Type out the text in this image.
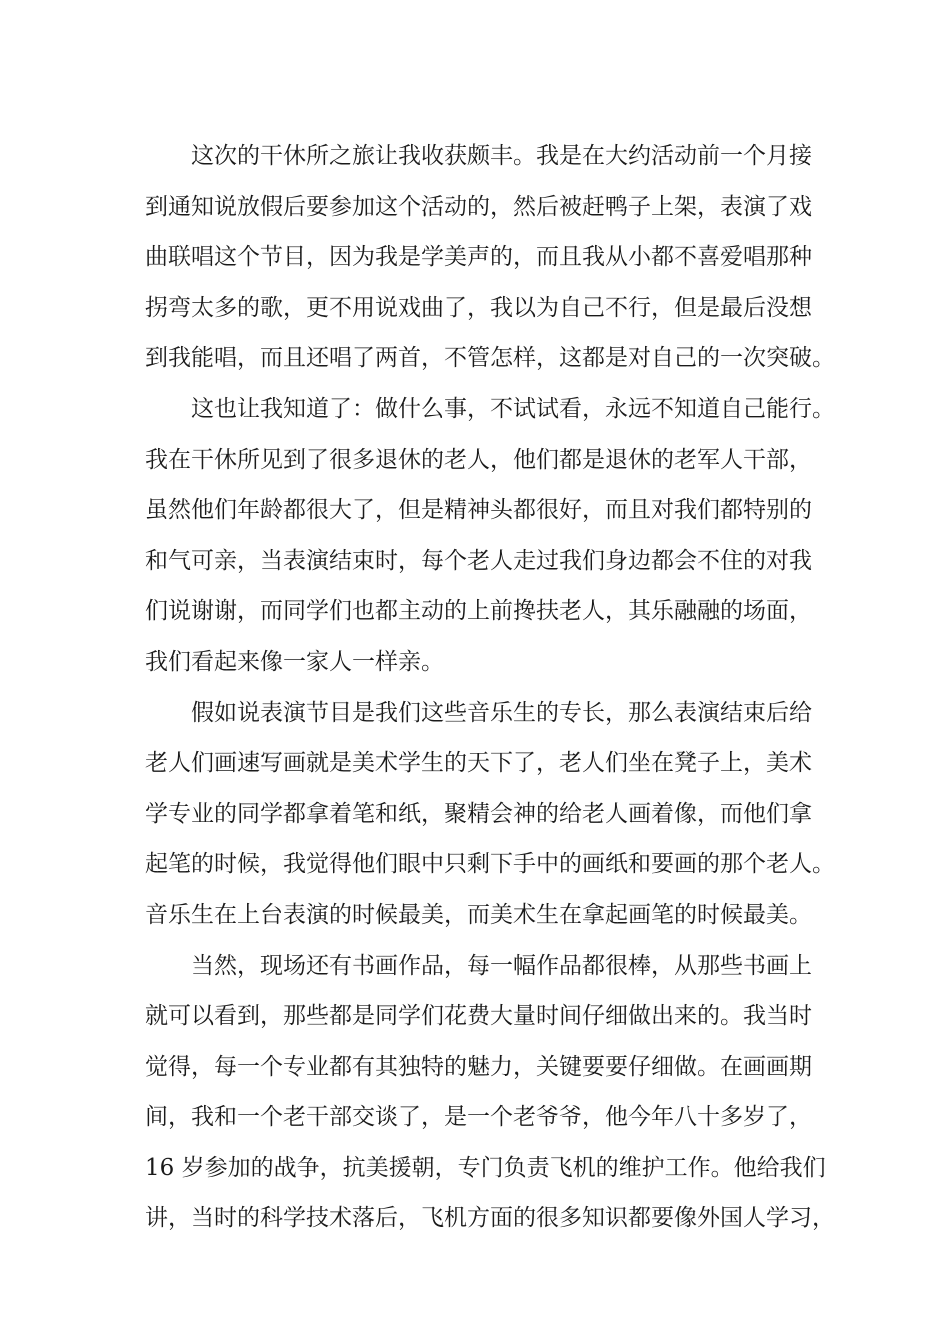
这次的干休所之旅让我收获颇丰。我是在大约活动前一个月接
到通知说放假后要参加这个活动的，然后被赶鸭子上架，表演了戏
曲联唱这个节目，因为我是学美声的，而且我从小都不喜爱唱那种
拐弯太多的歌，更不用说戏曲了，我以为自己不行，但是最后没想
到我能唱，而且还唱了两首，不管怎样，这都是对自己的一次突破。
这也让我知道了：做什么事，不试试看，永远不知道自己能行。
我在干休所见到了很多退休的老人，他们都是退休的老军人干部，
虽然他们年龄都很大了，但是精神头都很好，而且对我们都特别的
和气可亲，当表演结束时，每个老人走过我们身边都会不住的对我
们说谢谢，而同学们也都主动的上前搀扶老人，其乐融融的场面，
我们看起来像一家人一样亲。
假如说表演节目是我们这些音乐生的专长，那么表演结束后给
老人们画速写画就是美术学生的天下了，老人们坐在凳子上，美术
学专业的同学都拿着笔和纸，聚精会神的给老人画着像，而他们拿
起笔的时候，我觉得他们眼中只剩下手中的画纸和要画的那个老人。
音乐生在上台表演的时候最美，而美术生在拿起画笔的时候最美。
当然，现场还有书画作品，每一幅作品都很棒，从那些书画上
就可以看到，那些都是同学们花费大量时间仔细做出来的。我当时
觉得，每一个专业都有其独特的魅力，关键要要仔细做。在画画期
间，我和一个老干部交谈了，是一个老爷爷，他今年八十多岁了，
16 岁参加的战争，抗美援朝，专门负责飞机的维护工作。他给我们
讲，当时的科学技术落后，飞机方面的很多知识都要像外国人学习，
